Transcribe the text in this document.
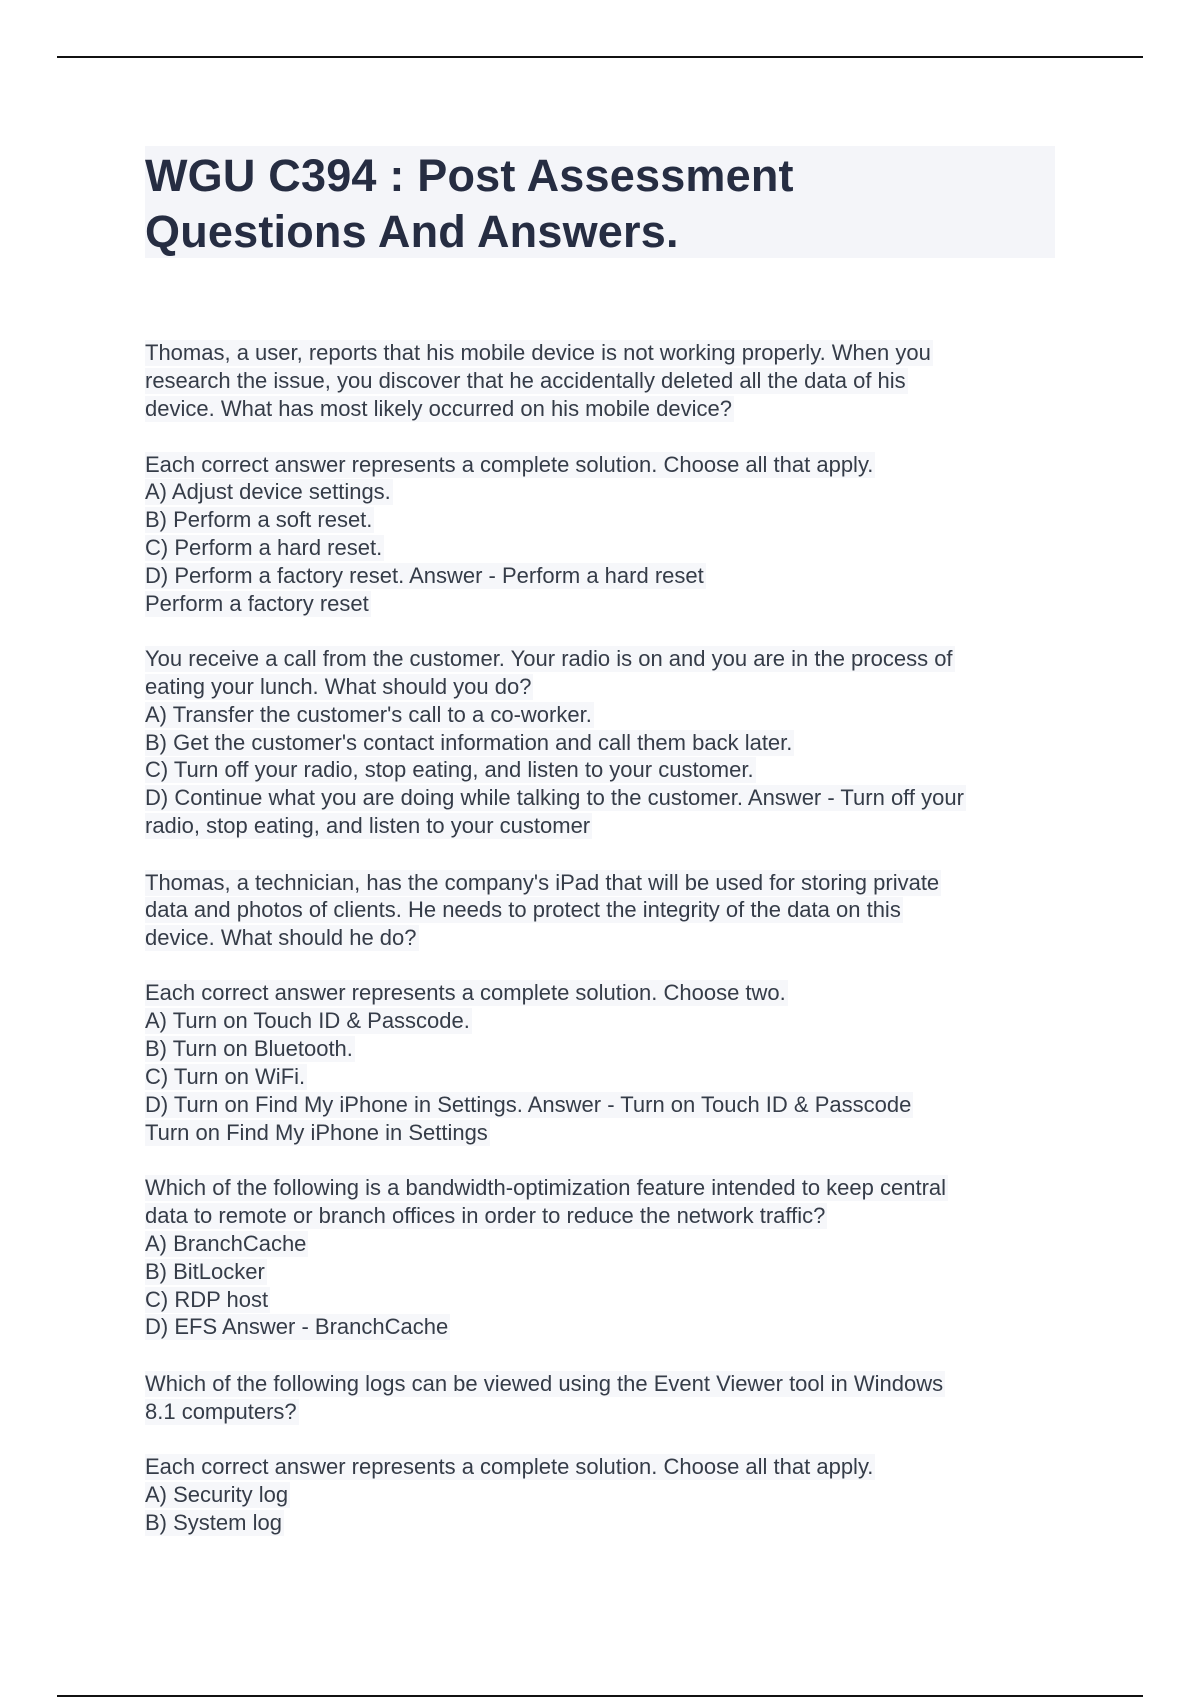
WGU C394 : Post Assessment
Questions And Answers.

Thomas, a user, reports that his mobile device is not working properly. When you

research the issue, you discover that he accidentally deleted all the data of his

device. What has most likely occurred on his mobile device?

Each correct answer represents a complete solution. Choose all that apply.

A) Adjust device settings.

B) Perform a soft reset.

C) Perform a hard reset.

D) Perform a factory reset. Answer - Perform a hard reset

Perform a factory reset

You receive a call from the customer. Your radio is on and you are in the process of

eating your lunch. What should you do?

A) Transfer the customer's call to a co-worker.

B) Get the customer's contact information and call them back later.

C) Turn off your radio, stop eating, and listen to your customer.

D) Continue what you are doing while talking to the customer. Answer - Turn off your

radio, stop eating, and listen to your customer

Thomas, a technician, has the company's iPad that will be used for storing private

data and photos of clients. He needs to protect the integrity of the data on this

device. What should he do?

Each correct answer represents a complete solution. Choose two.

A) Turn on Touch ID & Passcode.

B) Turn on Bluetooth.

C) Turn on WiFi.

D) Turn on Find My iPhone in Settings. Answer - Turn on Touch ID & Passcode

Turn on Find My iPhone in Settings

Which of the following is a bandwidth-optimization feature intended to keep central

data to remote or branch offices in order to reduce the network traffic?

A) BranchCache

B) BitLocker

C) RDP host

D) EFS Answer - BranchCache

Which of the following logs can be viewed using the Event Viewer tool in Windows

8.1 computers?

Each correct answer represents a complete solution. Choose all that apply.

A) Security log

B) System log
